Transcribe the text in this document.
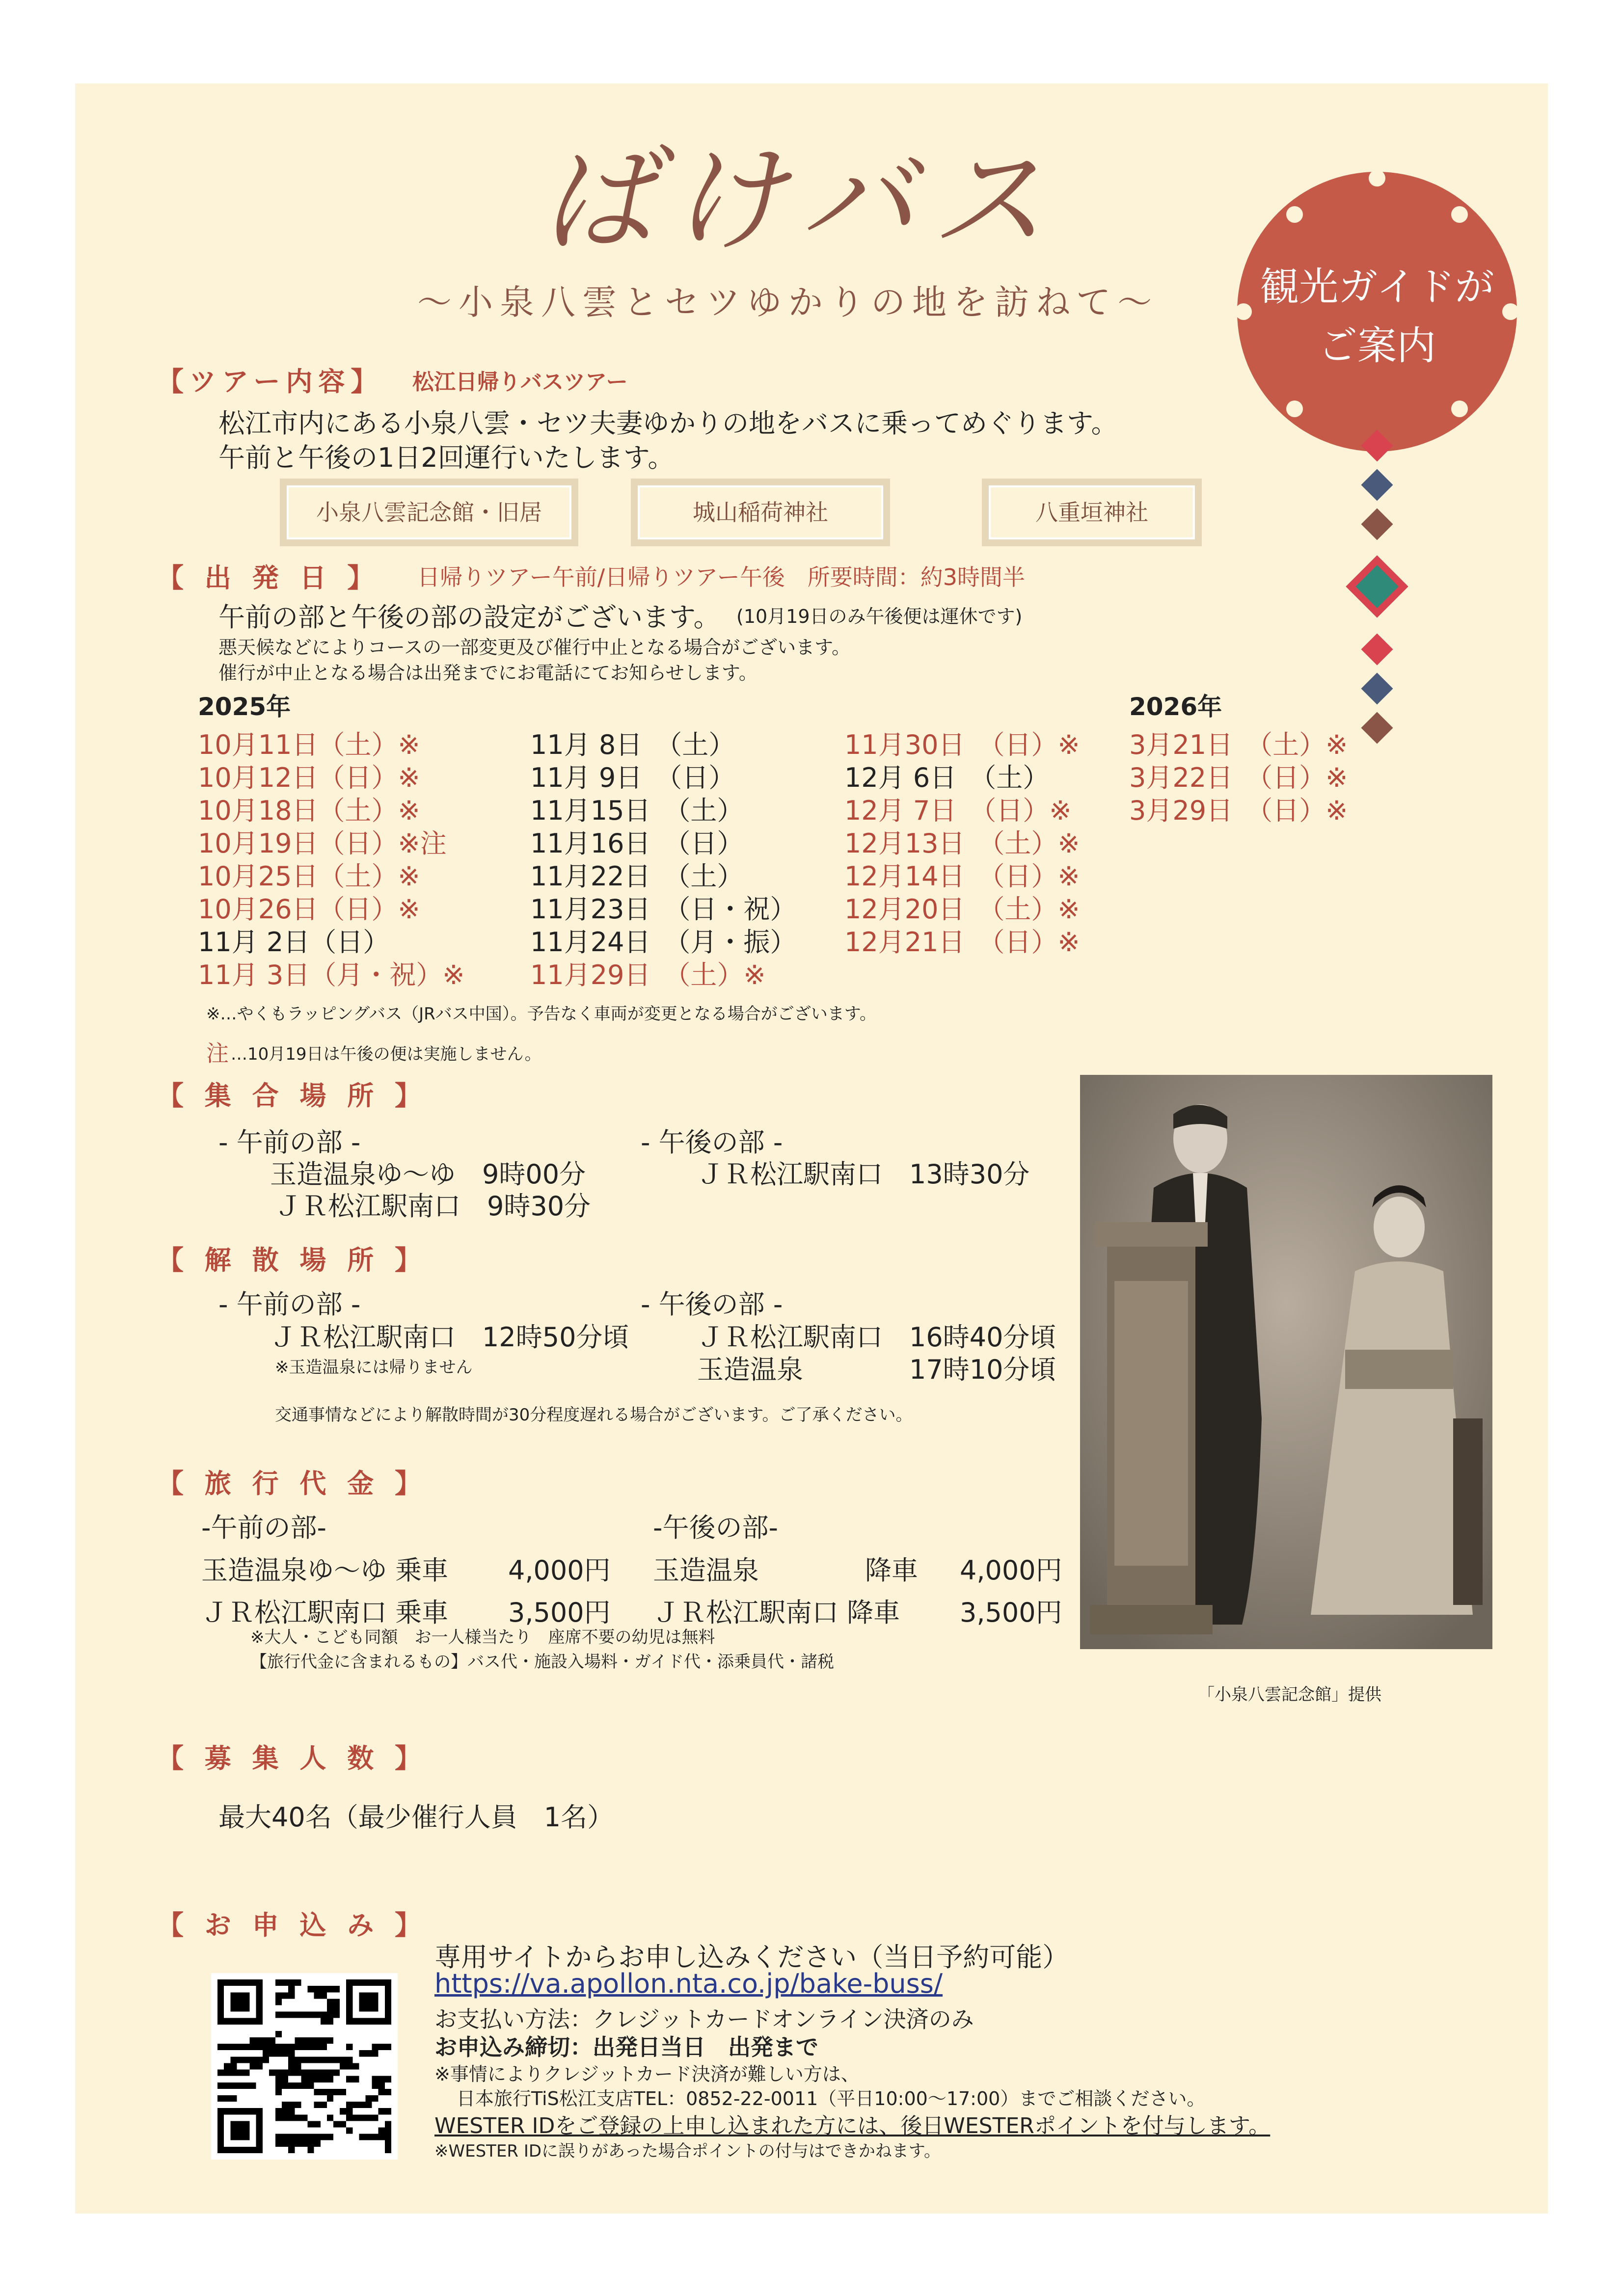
ばけバス
〜小泉八雲とセツゆかりの地を訪ねて〜	観光ガイドが
ご案内
【ツアー内容】 松江日帰りバスツアー
松江市内にある小泉八雲・セツ夫妻ゆかりの地をバスに乗ってめぐります。
午前と午後の1日2回運行いたします。
小泉八雲記念館・旧居	城山稲荷神社	八重垣神社
【 出 発 日 】 日帰りツアー午前/日帰りツアー午後　所要時間：約3時間半
午前の部と午後の部の設定がございます。 (10月19日のみ午後便は運休です)
悪天候などによりコースの一部変更及び催行中止となる場合がございます。
催行が中止となる場合は出発までにお電話にてお知らせします。
2025年	2026年
10月11日（土）※
10月12日（日）※
10月18日（土）※
10月19日（日）※注
10月25日（土）※
10月26日（日）※
11月 2日（日）
11月 3日（月・祝）※
11月 8日　（土）
11月 9日　（日）
11月15日　（土）
11月16日　（日）
11月22日　（土）
11月23日　（日・祝）
11月24日　（月・振）
11月29日　（土）※
11月30日　（日）※
12月 6日　（土）
12月 7日　（日）※
12月13日　（土）※
12月14日　（日）※
12月20日　（土）※
12月21日　（日）※
3月21日　（土）※
3月22日　（日）※
3月29日　（日）※
※…やくもラッピングバス（JRバス中国）。予告なく車両が変更となる場合がございます。
注 …10月19日は午後の便は実施しません。
【 集 合 場 所 】
- 午前の部 -
玉造温泉ゆ〜ゆ　9時00分
ＪＲ松江駅南口　9時30分
- 午後の部 -
ＪＲ松江駅南口　13時30分
【 解 散 場 所 】
- 午前の部 -
ＪＲ松江駅南口　12時50分頃
※玉造温泉には帰りません
- 午後の部 -
ＪＲ松江駅南口　16時40分頃
玉造温泉　　　　17時10分頃
交通事情などにより解散時間が30分程度遅れる場合がございます。ご了承ください。
【 旅 行 代 金 】
-午前の部-	-午後の部-
玉造温泉ゆ〜ゆ 乗車 4,000円
ＪＲ松江駅南口 乗車 3,500円
玉造温泉　　　　降車 4,000円
ＪＲ松江駅南口 降車 3,500円
※大人・こども同額　お一人様当たり　座席不要の幼児は無料
【旅行代金に含まれるもの】バス代・施設入場料・ガイド代・添乗員代・諸税
「小泉八雲記念館」提供
【 募 集 人 数 】
最大40名（最少催行人員　1名）
【 お 申 込 み 】
専用サイトからお申し込みください（当日予約可能）
https://va.apollon.nta.co.jp/bake-buss/
お支払い方法：クレジットカードオンライン決済のみ
お申込み締切：出発日当日　出発まで
※事情によりクレジットカード決済が難しい方は、
日本旅行TiS松江支店TEL：0852-22-0011（平日10:00〜17:00）までご相談ください。
WESTER IDをご登録の上申し込まれた方には、後日WESTERポイントを付与します。
※WESTER IDに誤りがあった場合ポイントの付与はできかねます。
